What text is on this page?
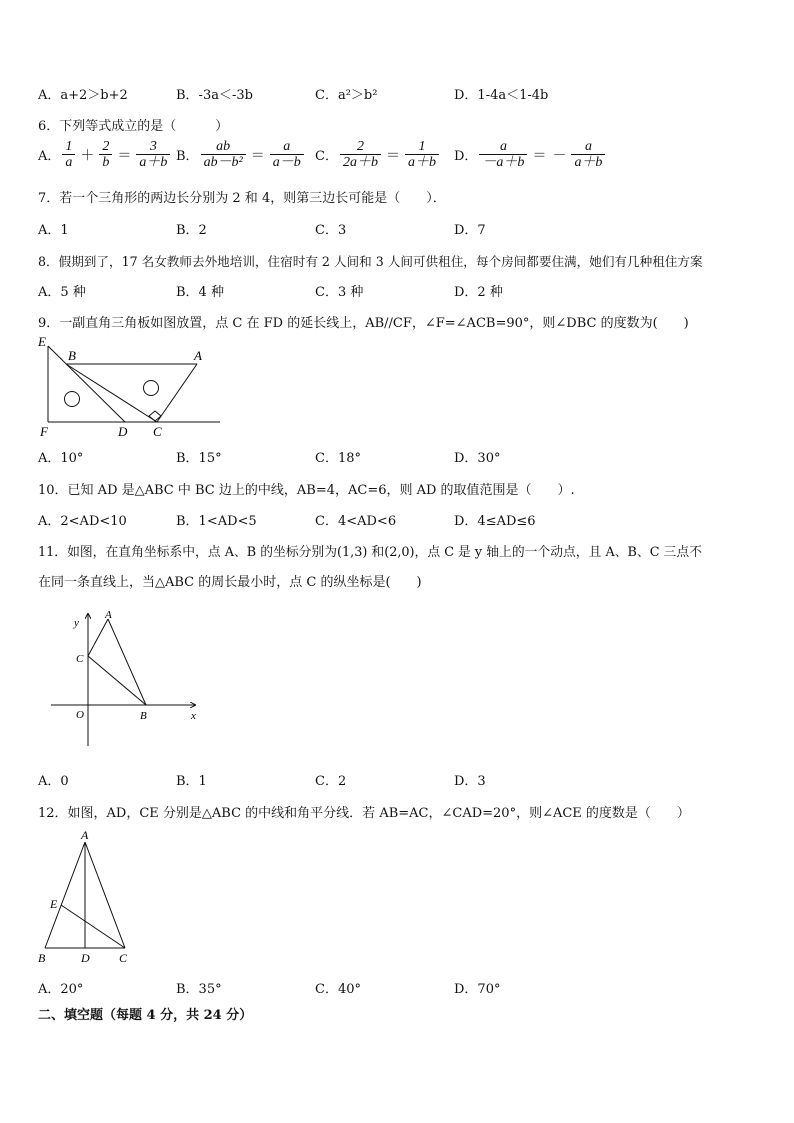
A．a+2＞b+2	B．-3a＜-3b	C．a²＞b²	D．1-4a＜1-4b
6．下列等式成立的是（　　　）
A． $\frac{1}{a} + \frac{2}{b} = \frac{3}{a+b}$ B． $\frac{ab}{\text{ab－b²}} = \frac{a}{a-b}$ C． $\frac{2}{2a+b} = \frac{1}{a+b}$ D． $\frac{a}{-a+b}$ ＝ － $\frac{a}{a+b}$
7．若一个三角形的两边长分别为 2 和 4，则第三边长可能是（　　）．
A．1	B．2	C．3	D．7
8．假期到了，17 名女教师去外地培训，住宿时有 2 人间和 3 人间可供租住，每个房间都要住满，她们有几种租住方案
A．5 种	B．4 种	C．3 种	D．2 种
9．一副直角三角板如图放置，点 C 在 FD 的延长线上，AB//CF，∠F=∠ACB=90°，则∠DBC 的度数为(　　)
E
B	A
F	D C
A．10°	B．15°	C．18°	D．30°
10．已知 AD 是△ABC 中 BC 边上的中线，AB=4，AC=6，则 AD 的取值范围是（　　）.
A．2<AD<10	B．1<AD<5	C．4<AD<6	D．4≤AD≤6
11．如图，在直角坐标系中，点 A、B 的坐标分别为(1,3) 和(2,0)，点 C 是 y 轴上的一个动点，且 A、B、C 三点不
在同一条直线上，当△ABC 的周长最小时，点 C 的纵坐标是(　　)
y
x
O
A
B
C
A．0	B．1	C．2	D．3
12．如图，AD，CE 分别是△ABC 的中线和角平分线．若 AB=AC，∠CAD=20°，则∠ACE 的度数是（　　）
A
E
B	D C
A．20°	B．35°	C．40°	D．70°
二、填空题（每题 4 分，共 24 分）
